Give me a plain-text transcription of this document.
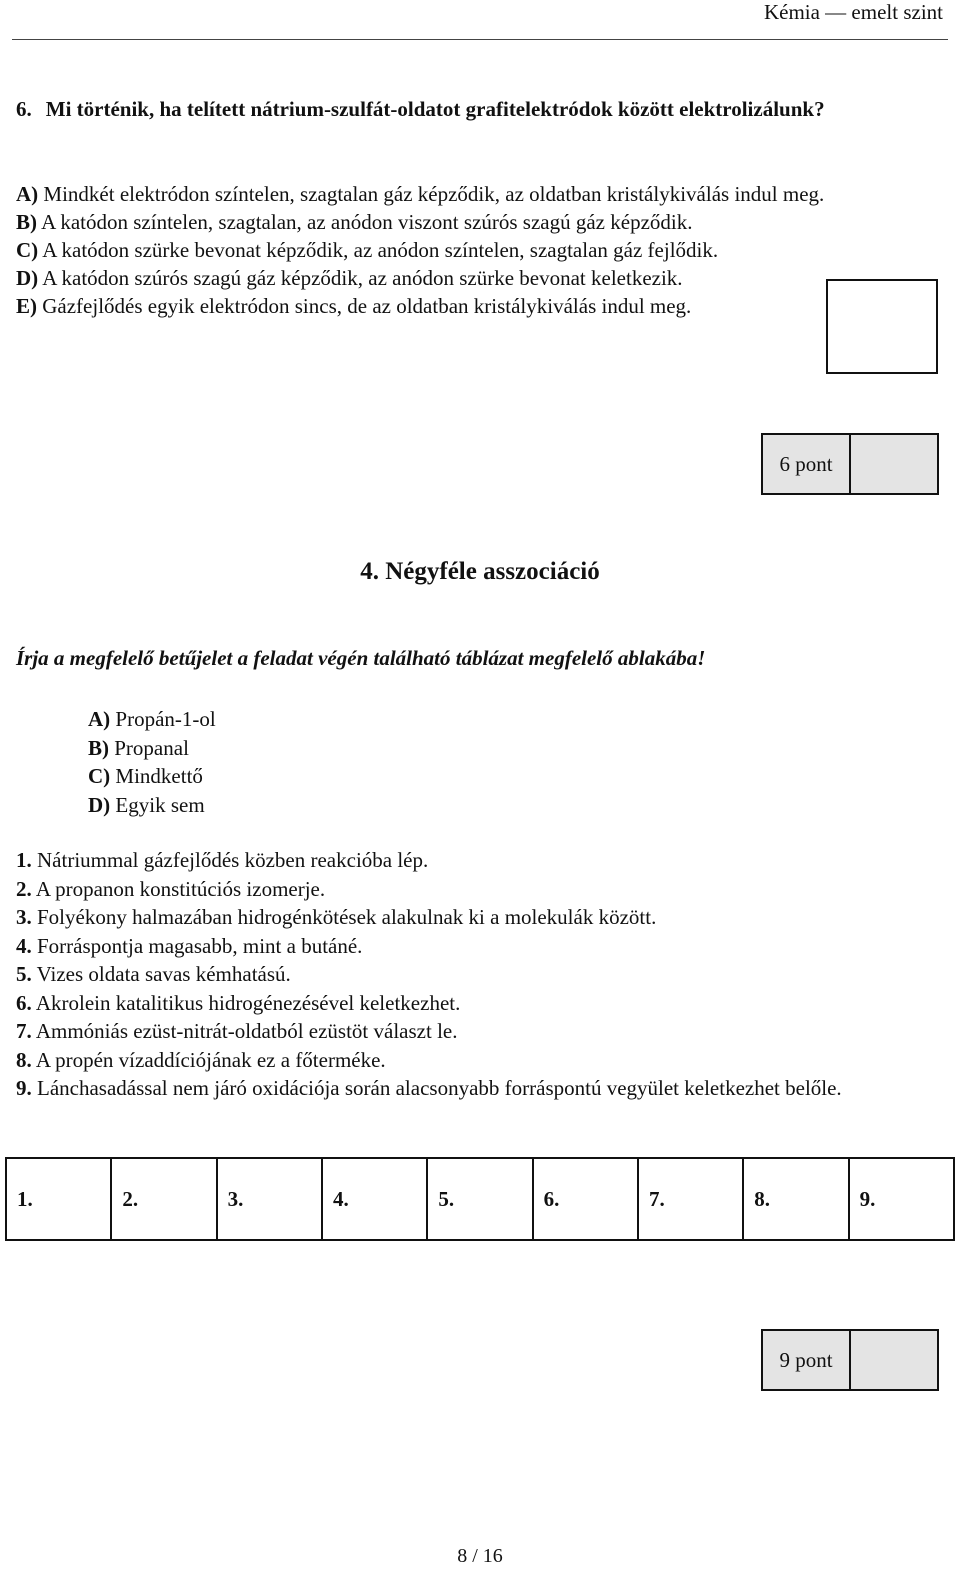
Kémia — emelt szint
6. Mi történik, ha telített nátrium-szulfát-oldatot grafitelektródok között elektrolizálunk?
A) Mindkét elektródon színtelen, szagtalan gáz képződik, az oldatban kristálykiválás indul meg.
B) A katódon színtelen, szagtalan, az anódon viszont szúrós szagú gáz képződik.
C) A katódon szürke bevonat képződik, az anódon színtelen, szagtalan gáz fejlődik.
D) A katódon szúrós szagú gáz képződik, az anódon szürke bevonat keletkezik.
E) Gázfejlődés egyik elektródon sincs, de az oldatban kristálykiválás indul meg.
6 pont
4. Négyféle asszociáció
Írja a megfelelő betűjelet a feladat végén található táblázat megfelelő ablakába!
A) Propán-1-ol
B) Propanal
C) Mindkettő
D) Egyik sem
1. Nátriummal gázfejlődés közben reakcióba lép.
2. A propanon konstitúciós izomerje.
3. Folyékony halmazában hidrogénkötések alakulnak ki a molekulák között.
4. Forráspontja magasabb, mint a butáné.
5. Vizes oldata savas kémhatású.
6. Akrolein katalitikus hidrogénezésével keletkezhet.
7. Ammóniás ezüst-nitrát-oldatból ezüstöt választ le.
8. A propén vízaddíciójának ez a főterméke.
9. Lánchasadással nem járó oxidációja során alacsonyabb forráspontú vegyület keletkezhet belőle.
1.	2.	3.	4.	5.	6.	7.	8.	9.
9 pont
8 / 16
